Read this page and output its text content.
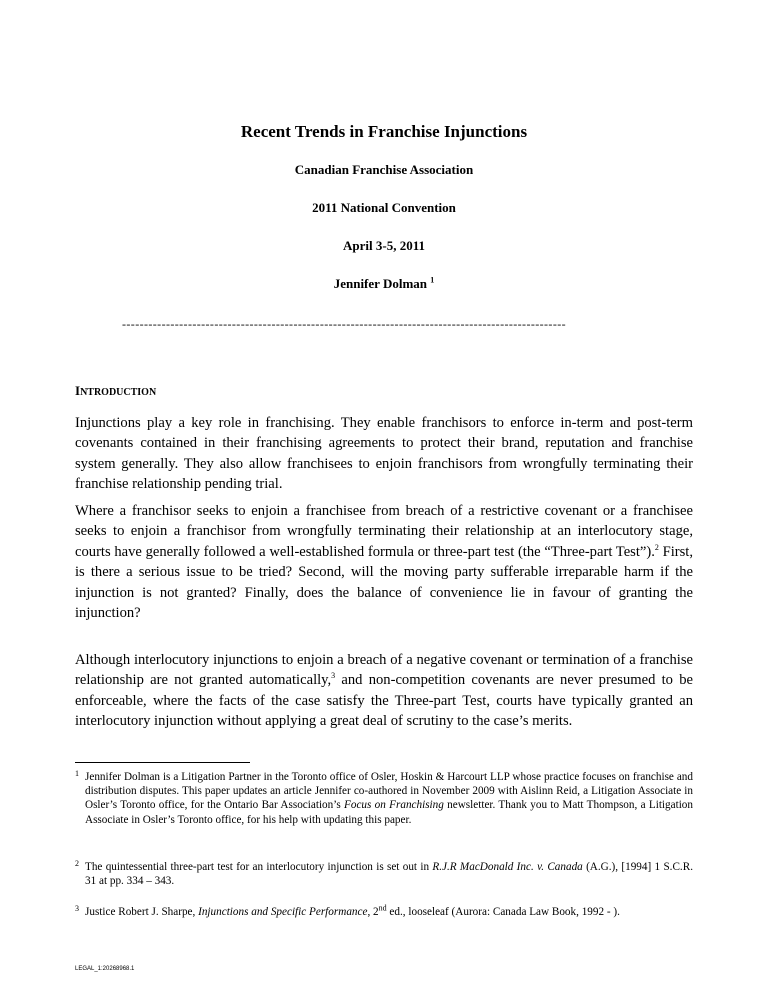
Recent Trends in Franchise Injunctions
Canadian Franchise Association
2011 National Convention
April 3-5, 2011
Jennifer Dolman $^1$
-----------------------------------------------------------------------------------------------------
INTRODUCTION

Injunctions play a key role in franchising. They enable franchisors to enforce in-term and post-term covenants contained in their franchising agreements to protect their brand, reputation and franchise system generally. They also allow franchisees to enjoin franchisors from wrongfully terminating their franchise relationship pending trial.

Where a franchisor seeks to enjoin a franchisee from breach of a restrictive covenant or a franchisee seeks to enjoin a franchisor from wrongfully terminating their relationship at an interlocutory stage, courts have generally followed a well-established formula or three-part test (the “Three-part Test”).$^2$ First, is there a serious issue to be tried? Second, will the moving party sufferable irreparable harm if the injunction is not granted? Finally, does the balance of convenience lie in favour of granting the injunction?

Although interlocutory injunctions to enjoin a breach of a negative covenant or termination of a franchise relationship are not granted automatically,$^3$ and non-competition covenants are never presumed to be enforceable, where the facts of the case satisfy the Three-part Test, courts have typically granted an interlocutory injunction without applying a great deal of scrutiny to the case’s merits.

1 Jennifer Dolman is a Litigation Partner in the Toronto office of Osler, Hoskin & Harcourt LLP whose practice focuses on franchise and distribution disputes. This paper updates an article Jennifer co-authored in November 2009 with Aislinn Reid, a Litigation Associate in Osler’s Toronto office, for the Ontario Bar Association’s Focus on Franchising newsletter. Thank you to Matt Thompson, a Litigation Associate in Osler’s Toronto office, for his help with updating this paper.
2 The quintessential three-part test for an interlocutory injunction is set out in R.J.R MacDonald Inc. v. Canada (A.G.), [1994] 1 S.C.R. 31 at pp. 334 – 343.
3 Justice Robert J. Sharpe, Injunctions and Specific Performance, 2nd ed., looseleaf (Aurora: Canada Law Book, 1992 - ).
LEGAL_1:20268968.1
